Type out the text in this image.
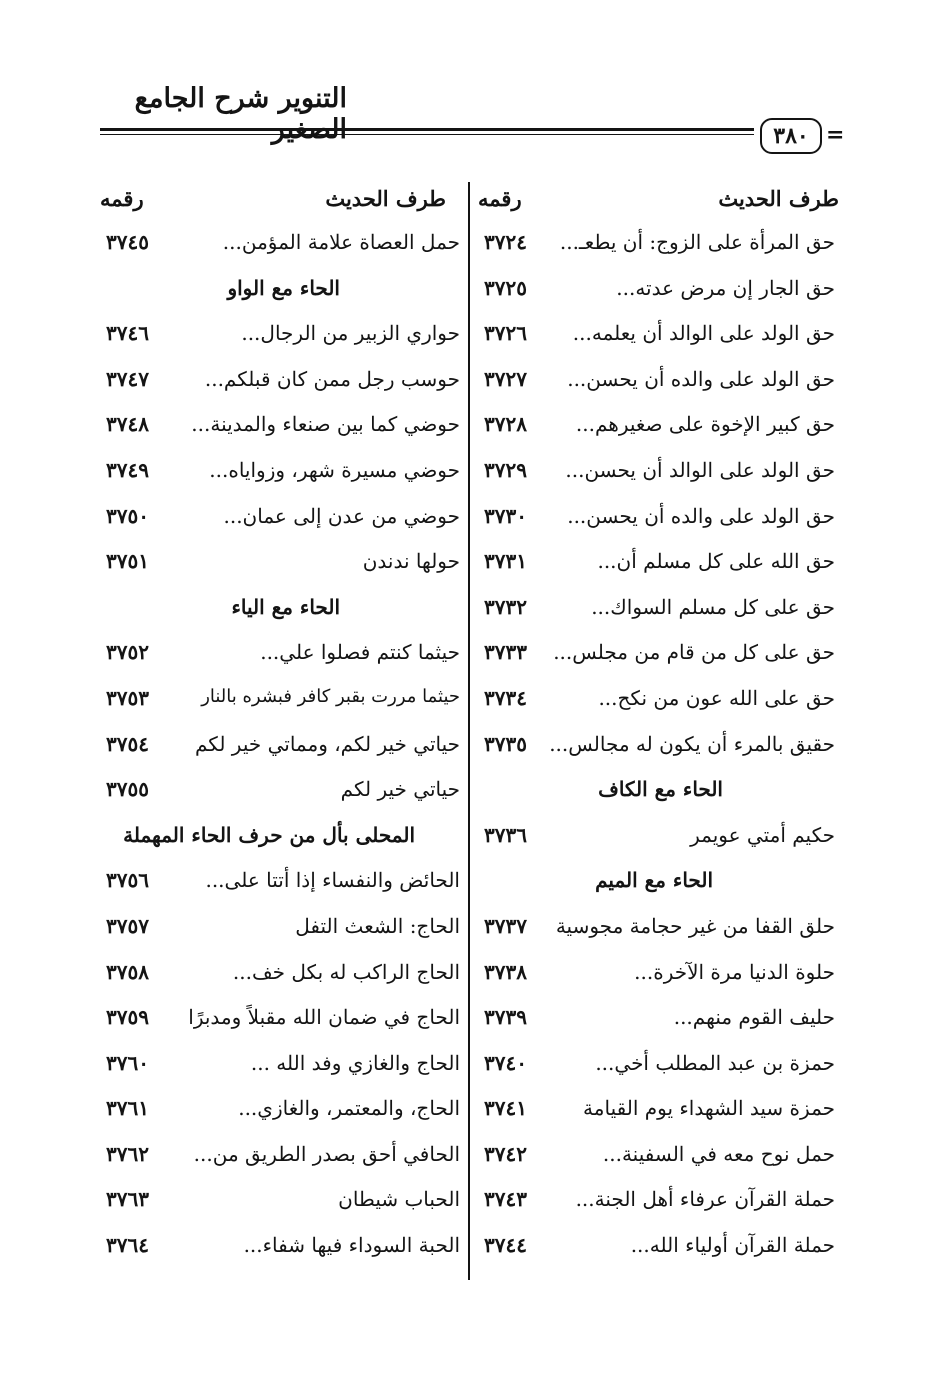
التنوير شرح الجامع
٣٨٠ =
طرف الحديث
رقمه
طرف الحديث
رقمه
حق المرأة على الزوج: أن يطعـ...
٣٧٢٤
حق الجار إن مرض عدته...
٣٧٢٥
حق الولد على الوالد أن يعلمه...
٣٧٢٦
حق الولد على والده أن يحسن...
٣٧٢٧
حق كبير الإخوة على صغيرهم...
٣٧٢٨
حق الولد على الوالد أن يحسن...
٣٧٢٩
حق الولد على والده أن يحسن...
٣٧٣٠
حق الله على كل مسلم أن...
٣٧٣١
حق على كل مسلم السواك...
٣٧٣٢
حق على كل من قام من مجلس...
٣٧٣٣
حق على الله عون من نكح...
٣٧٣٤
حقيق بالمرء أن يكون له مجالس...
٣٧٣٥
الحاء مع الكاف
حكيم أمتي عويمر
٣٧٣٦
الحاء مع الميم
حلق القفا من غير حجامة مجوسية
٣٧٣٧
حلوة الدنيا مرة الآخرة...
٣٧٣٨
حليف القوم منهم...
٣٧٣٩
حمزة بن عبد المطلب أخي...
٣٧٤٠
حمزة سيد الشهداء يوم القيامة
٣٧٤١
حمل نوح معه في السفينة...
٣٧٤٢
حملة القرآن عرفاء أهل الجنة...
٣٧٤٣
حملة القرآن أولياء الله...
٣٧٤٤
حمل العصاة علامة المؤمن...
٣٧٤٥
الحاء مع الواو
حواري الزبير من الرجال...
٣٧٤٦
حوسب رجل ممن كان قبلكم...
٣٧٤٧
حوضي كما بين صنعاء والمدينة...
٣٧٤٨
حوضي مسيرة شهر، وزواياه...
٣٧٤٩
حوضي من عدن إلى عمان...
٣٧٥٠
حولها ندندن
٣٧٥١
الحاء مع الياء
حيثما كنتم فصلوا علي...
٣٧٥٢
حيثما مررت بقبر كافر فبشره بالنار
٣٧٥٣
حياتي خير لكم، ومماتي خير لكم
٣٧٥٤
حياتي خير لكم
٣٧٥٥
المحلى بأل من حرف الحاء المهملة
الحائض والنفساء إذا أتتا على...
٣٧٥٦
الحاج: الشعث التفل
٣٧٥٧
الحاج الراكب له بكل خف...
٣٧٥٨
الحاج في ضمان الله مقبلاً ومدبرًا
٣٧٥٩
الحاج والغازي وفد الله ...
٣٧٦٠
الحاج، والمعتمر، والغازي...
٣٧٦١
الحافي أحق بصدر الطريق من...
٣٧٦٢
الحباب شيطان
٣٧٦٣
الحبة السوداء فيها شفاء...
٣٧٦٤
